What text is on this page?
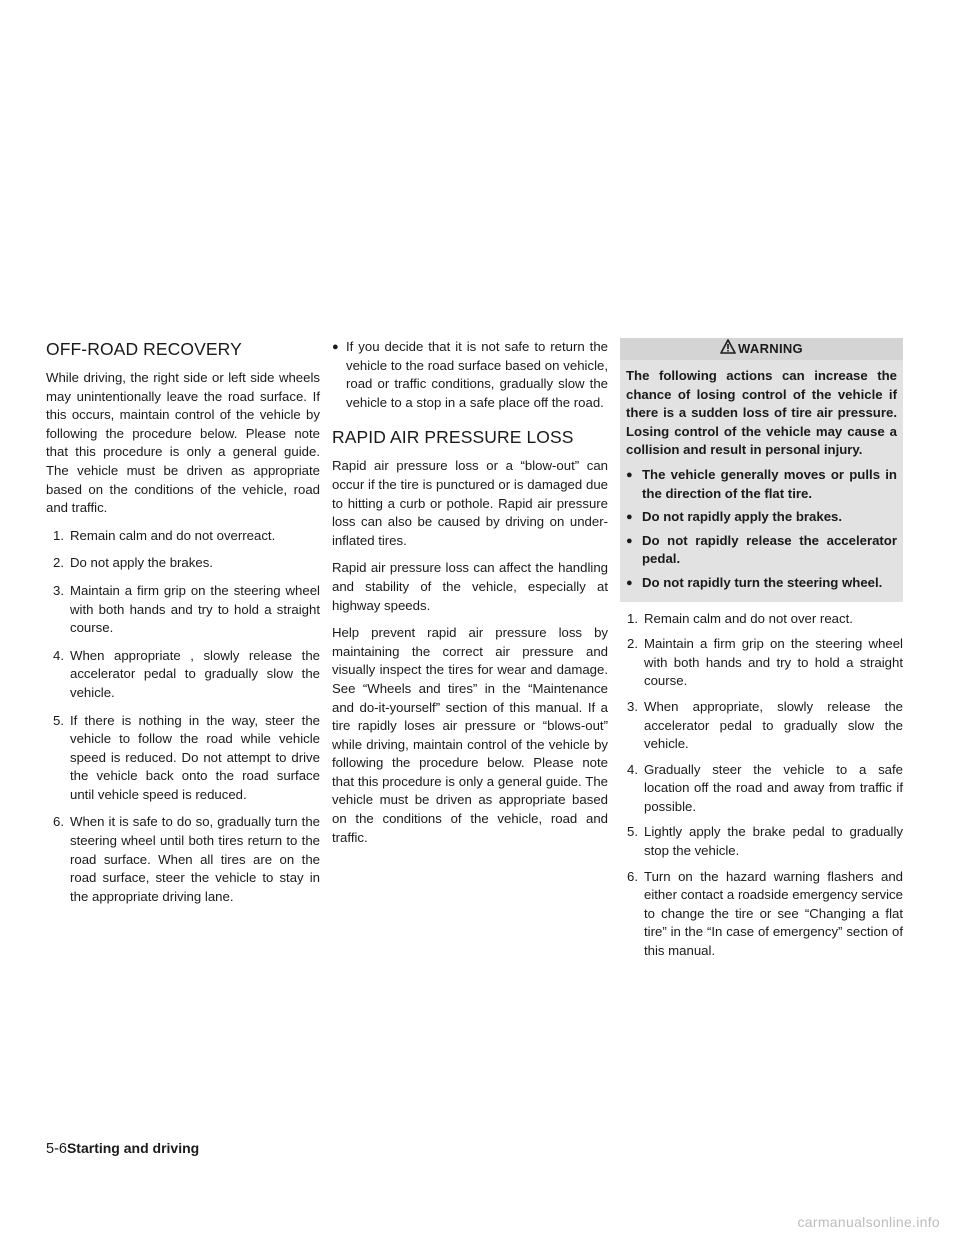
OFF-ROAD RECOVERY

While driving, the right side or left side wheels may unintentionally leave the road surface. If this occurs, maintain control of the vehicle by following the procedure below. Please note that this procedure is only a general guide. The vehicle must be driven as appropriate based on the conditions of the vehicle, road and traffic.

1. Remain calm and do not overreact.
2. Do not apply the brakes.
3. Maintain a firm grip on the steering wheel with both hands and try to hold a straight course.
4. When appropriate , slowly release the accelerator pedal to gradually slow the vehicle.
5. If there is nothing in the way, steer the vehicle to follow the road while vehicle speed is reduced. Do not attempt to drive the vehicle back onto the road surface until vehicle speed is reduced.
6. When it is safe to do so, gradually turn the steering wheel until both tires return to the road surface. When all tires are on the road surface, steer the vehicle to stay in the appropriate driving lane.
● If you decide that it is not safe to return the vehicle to the road surface based on vehicle, road or traffic conditions, gradually slow the vehicle to a stop in a safe place off the road.
RAPID AIR PRESSURE LOSS

Rapid air pressure loss or a “blow-out” can occur if the tire is punctured or is damaged due to hitting a curb or pothole. Rapid air pressure loss can also be caused by driving on under-inflated tires.

Rapid air pressure loss can affect the handling and stability of the vehicle, especially at highway speeds.

Help prevent rapid air pressure loss by maintaining the correct air pressure and visually inspect the tires for wear and damage. See “Wheels and tires” in the “Maintenance and do-it-yourself” section of this manual. If a tire rapidly loses air pressure or “blows-out” while driving, maintain control of the vehicle by following the procedure below. Please note that this procedure is only a general guide. The vehicle must be driven as appropriate based on the conditions of the vehicle, road and traffic.

WARNING

The following actions can increase the chance of losing control of the vehicle if there is a sudden loss of tire air pressure. Losing control of the vehicle may cause a collision and result in personal injury.

● The vehicle generally moves or pulls in the direction of the flat tire.
● Do not rapidly apply the brakes.
● Do not rapidly release the accelerator pedal.
● Do not rapidly turn the steering wheel.
1. Remain calm and do not over react.
2. Maintain a firm grip on the steering wheel with both hands and try to hold a straight course.
3. When appropriate, slowly release the accelerator pedal to gradually slow the vehicle.
4. Gradually steer the vehicle to a safe location off the road and away from traffic if possible.
5. Lightly apply the brake pedal to gradually stop the vehicle.
6. Turn on the hazard warning flashers and either contact a roadside emergency service to change the tire or see “Changing a flat tire” in the “In case of emergency” section of this manual.
5-6Starting and driving
carmanualsonline.info
